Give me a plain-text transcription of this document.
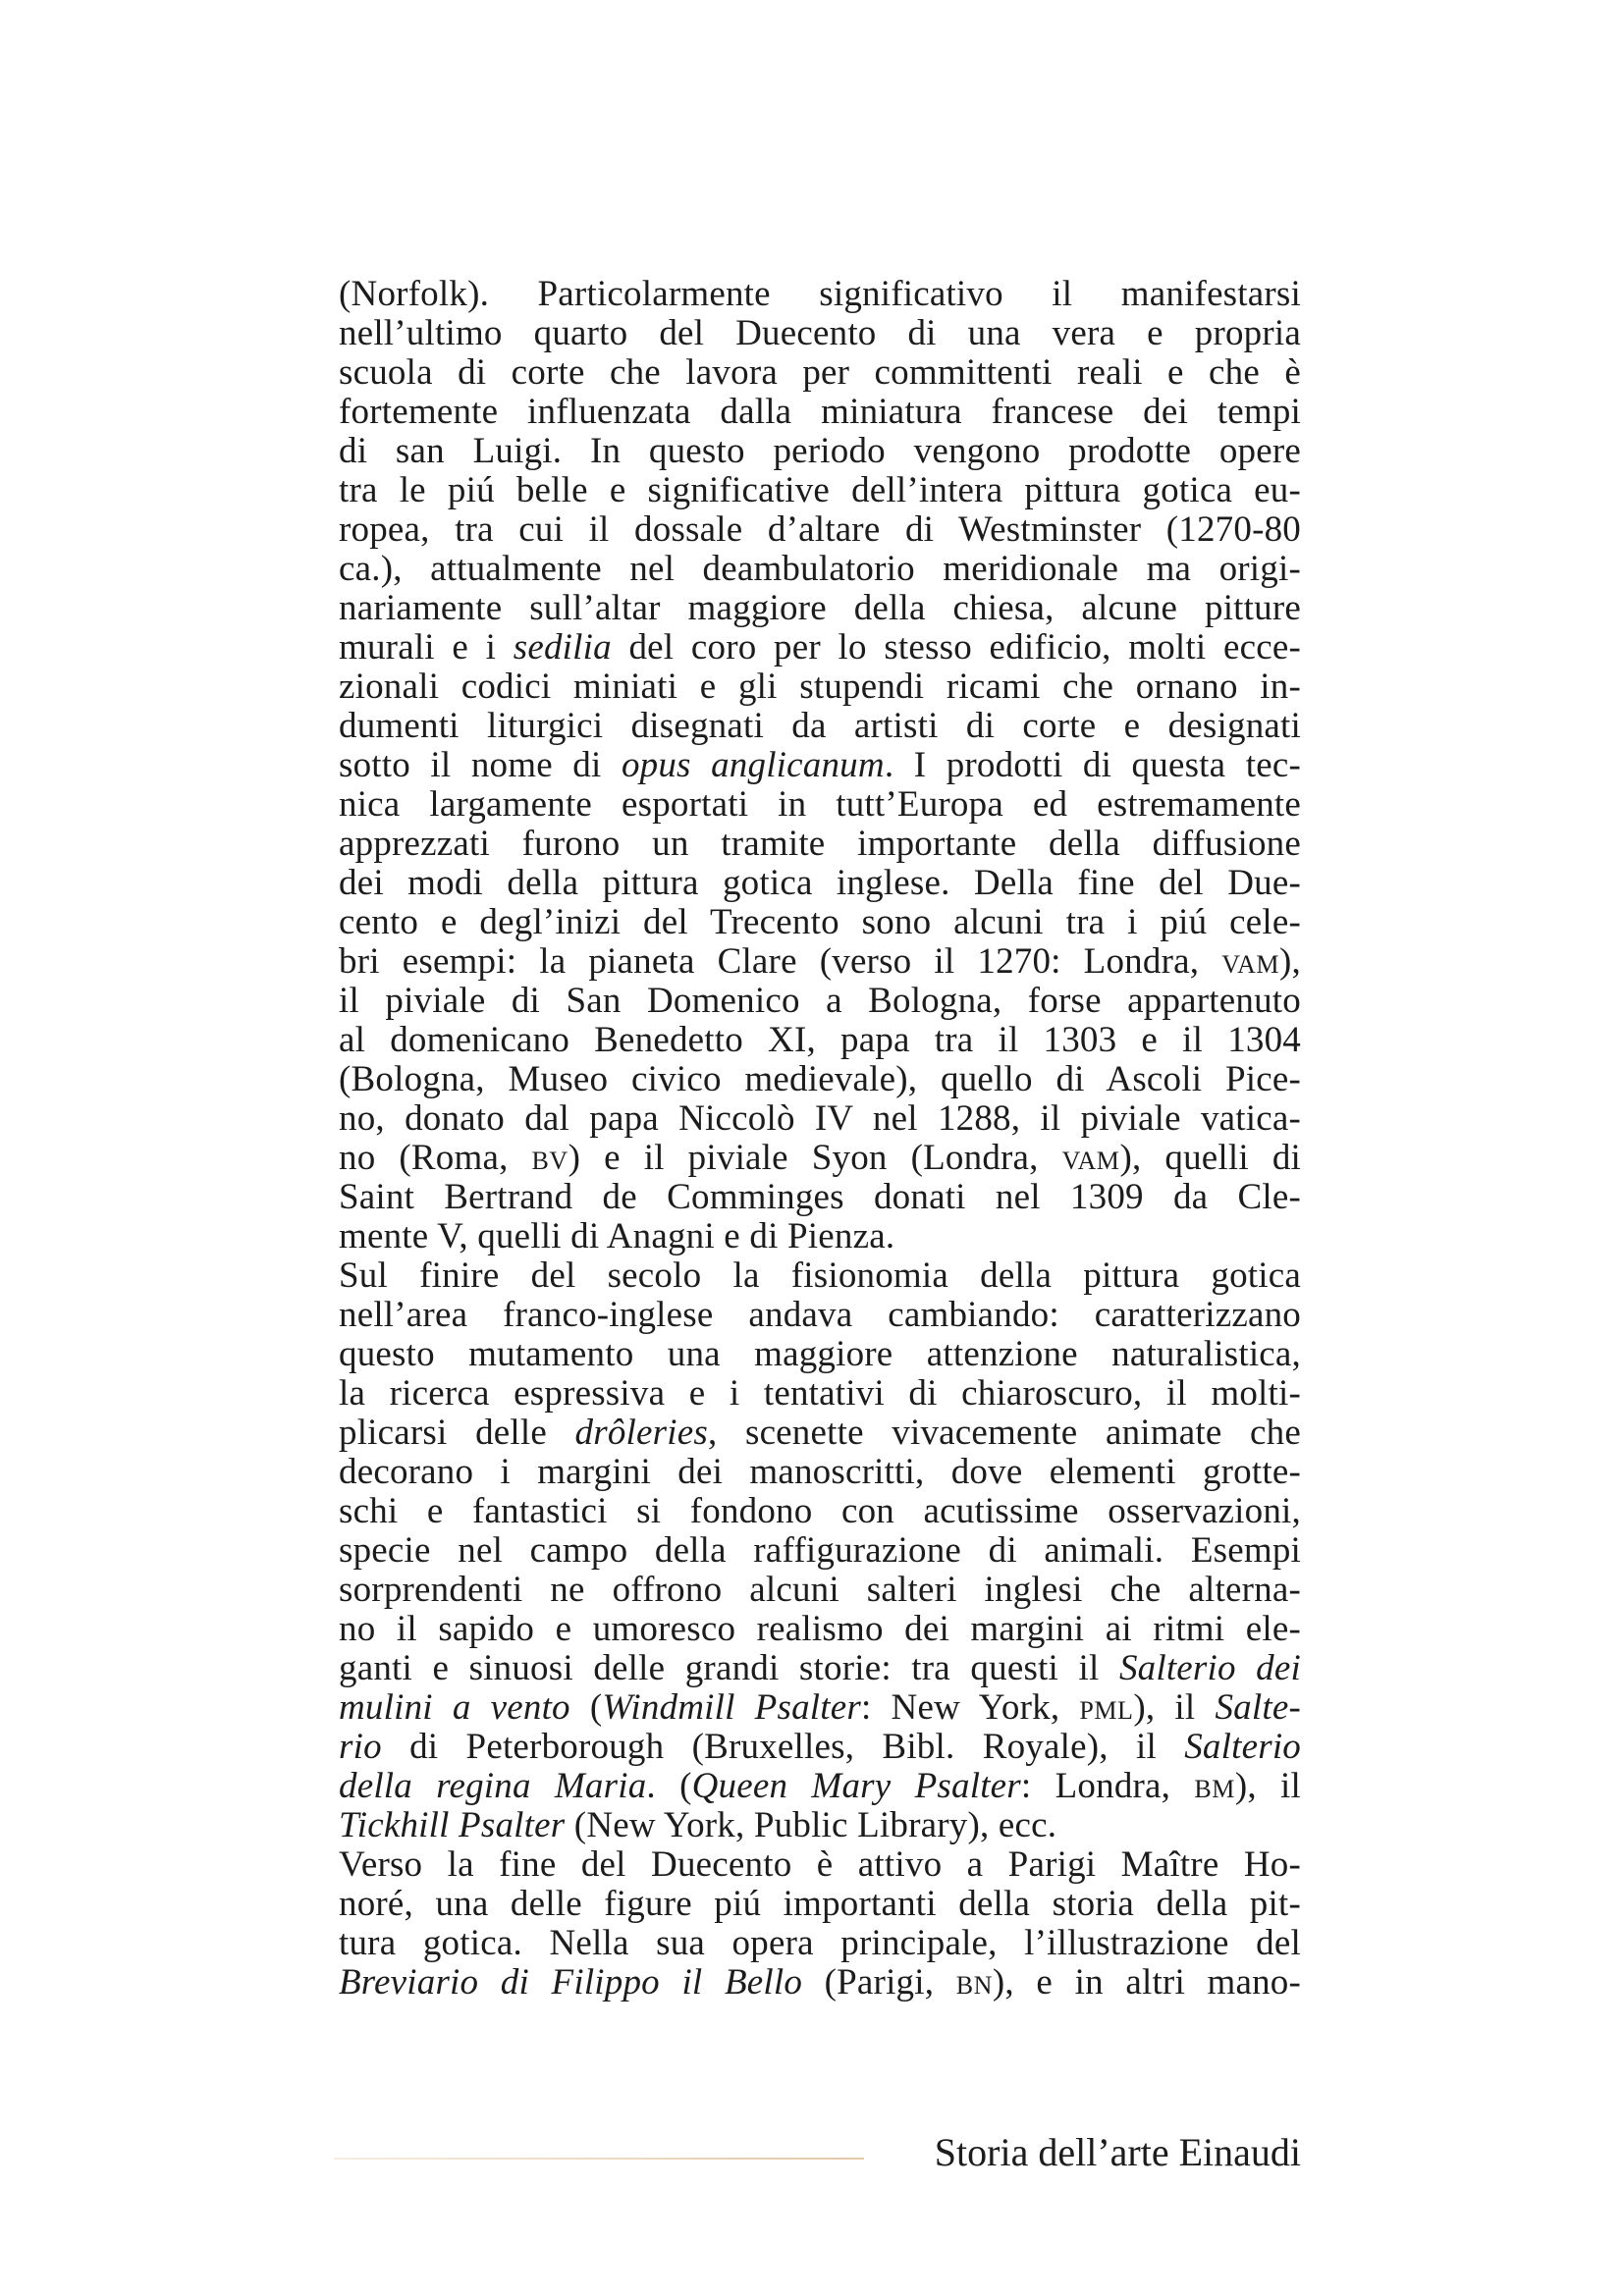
(Norfolk). Particolarmente significativo il manifestarsi
nell’ultimo quarto del Duecento di una vera e propria
scuola di corte che lavora per committenti reali e che è
fortemente influenzata dalla miniatura francese dei tempi
di san Luigi. In questo periodo vengono prodotte opere
tra le piú belle e significative dell’intera pittura gotica eu-
ropea, tra cui il dossale d’altare di Westminster (1270-80
ca.), attualmente nel deambulatorio meridionale ma origi-
nariamente sull’altar maggiore della chiesa, alcune pitture
murali e i sedilia del coro per lo stesso edificio, molti ecce-
zionali codici miniati e gli stupendi ricami che ornano in-
dumenti liturgici disegnati da artisti di corte e designati
sotto il nome di opus anglicanum. I prodotti di questa tec-
nica largamente esportati in tutt’Europa ed estremamente
apprezzati furono un tramite importante della diffusione
dei modi della pittura gotica inglese. Della fine del Due-
cento e degl’inizi del Trecento sono alcuni tra i piú cele-
bri esempi: la pianeta Clare (verso il 1270: Londra, vam),
il piviale di San Domenico a Bologna, forse appartenuto
al domenicano Benedetto XI, papa tra il 1303 e il 1304
(Bologna, Museo civico medievale), quello di Ascoli Pice-
no, donato dal papa Niccolò IV nel 1288, il piviale vatica-
no (Roma, bv) e il piviale Syon (Londra, vam), quelli di
Saint Bertrand de Comminges donati nel 1309 da Cle-
mente V, quelli di Anagni e di Pienza.
Sul finire del secolo la fisionomia della pittura gotica
nell’area franco-inglese andava cambiando: caratterizzano
questo mutamento una maggiore attenzione naturalistica,
la ricerca espressiva e i tentativi di chiaroscuro, il molti-
plicarsi delle drôleries, scenette vivacemente animate che
decorano i margini dei manoscritti, dove elementi grotte-
schi e fantastici si fondono con acutissime osservazioni,
specie nel campo della raffigurazione di animali. Esempi
sorprendenti ne offrono alcuni salteri inglesi che alterna-
no il sapido e umoresco realismo dei margini ai ritmi ele-
ganti e sinuosi delle grandi storie: tra questi il Salterio dei
mulini a vento (Windmill Psalter: New York, pml), il Salte-
rio di Peterborough (Bruxelles, Bibl. Royale), il Salterio
della regina Maria. (Queen Mary Psalter: Londra, bm), il
Tickhill Psalter (New York, Public Library), ecc.
Verso la fine del Duecento è attivo a Parigi Maître Ho-
noré, una delle figure piú importanti della storia della pit-
tura gotica. Nella sua opera principale, l’illustrazione del
Breviario di Filippo il Bello (Parigi, bn), e in altri mano-
Storia dell’arte Einaudi
